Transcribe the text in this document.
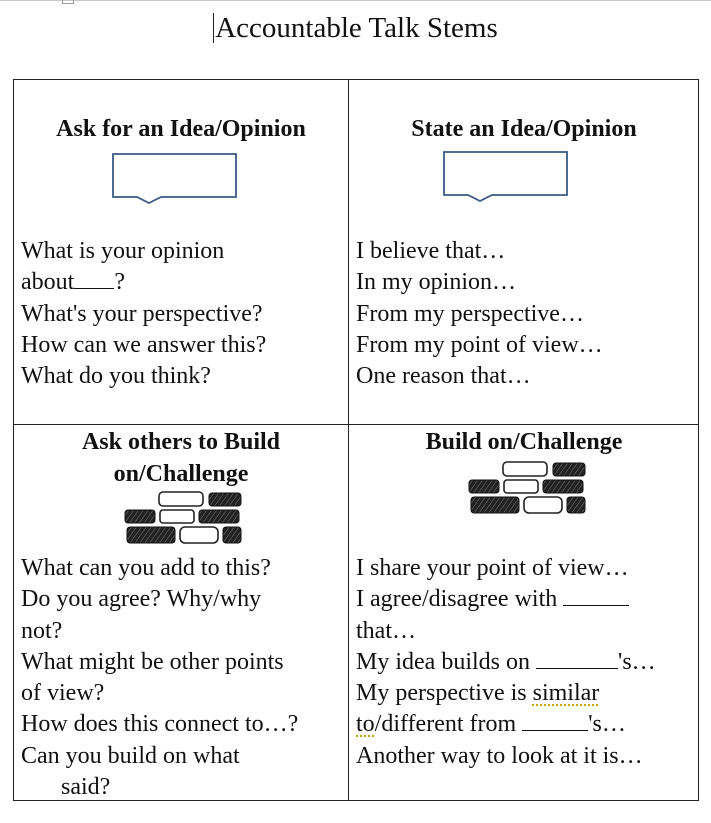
Accountable Talk Stems
Ask for an Idea/Opinion
What is your opinion
about ?
What's your perspective?
How can we answer this?
What do you think?
State an Idea/Opinion
I believe that…
In my opinion…
From my perspective…
From my point of view…
One reason that…
Ask others to Build
on/Challenge
What can you add to this?
Do you agree? Why/why
not?
What might be other points
of view?
How does this connect to…?
Can you build on what
said?
Build on/Challenge
I share your point of view…
I agree/disagree with
that…
My idea builds on	's…
My perspective is similar
to/different from	's…
Another way to look at it is…
